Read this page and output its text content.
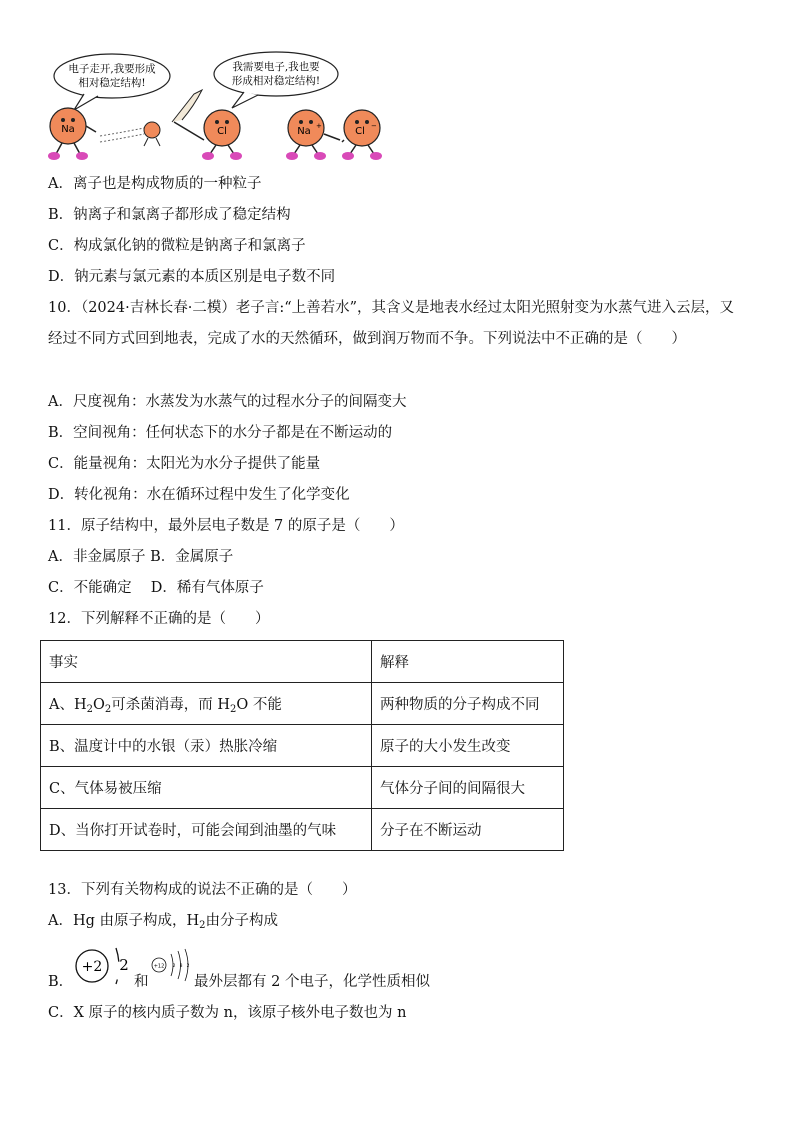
电子走开,我要形成
相对稳定结构!
我需要电子,我也要
形成相对稳定结构!
Na	Cl	Na +	Cl −
A．离子也是构成物质的一种粒子
B．钠离子和氯离子都形成了稳定结构
C．构成氯化钠的微粒是钠离子和氯离子
D．钠元素与氯元素的本质区别是电子数不同
10．（2024·吉林长春·二模）老子言:“上善若水”，其含义是地表水经过太阳光照射变为水蒸气进入云层，又经过不同方式回到地表，完成了水的天然循环，做到润万物而不争。下列说法中不正确的是（　　）
A．尺度视角：水蒸发为水蒸气的过程水分子的间隔变大
B．空间视角：任何状态下的水分子都是在不断运动的
C．能量视角：太阳光为水分子提供了能量
D．转化视角：水在循环过程中发生了化学变化
11．原子结构中，最外层电子数是 7 的原子是（　　）
A．非金属原子 B．金属原子
C．不能确定　 D．稀有气体原子
12．下列解释不正确的是（　　）
事实	解释
A、$H_2O_2$可杀菌消毒，而 $H_2O$ 不能	两种物质的分子构成不同
B、温度计中的水银（汞）热胀冷缩	原子的大小发生改变
C、气体易被压缩	气体分子间的间隔很大
D、当你打开试卷时，可能会闻到油墨的气味	分子在不断运动
13．下列有关物构成的说法不正确的是（　　）
A．Hg 由原子构成，$H_2$由分子构成
B．
+2 2
和
+12 2 8 2
最外层都有 2 个电子，化学性质相似
C．X 原子的核内质子数为 n，该原子核外电子数也为 n
